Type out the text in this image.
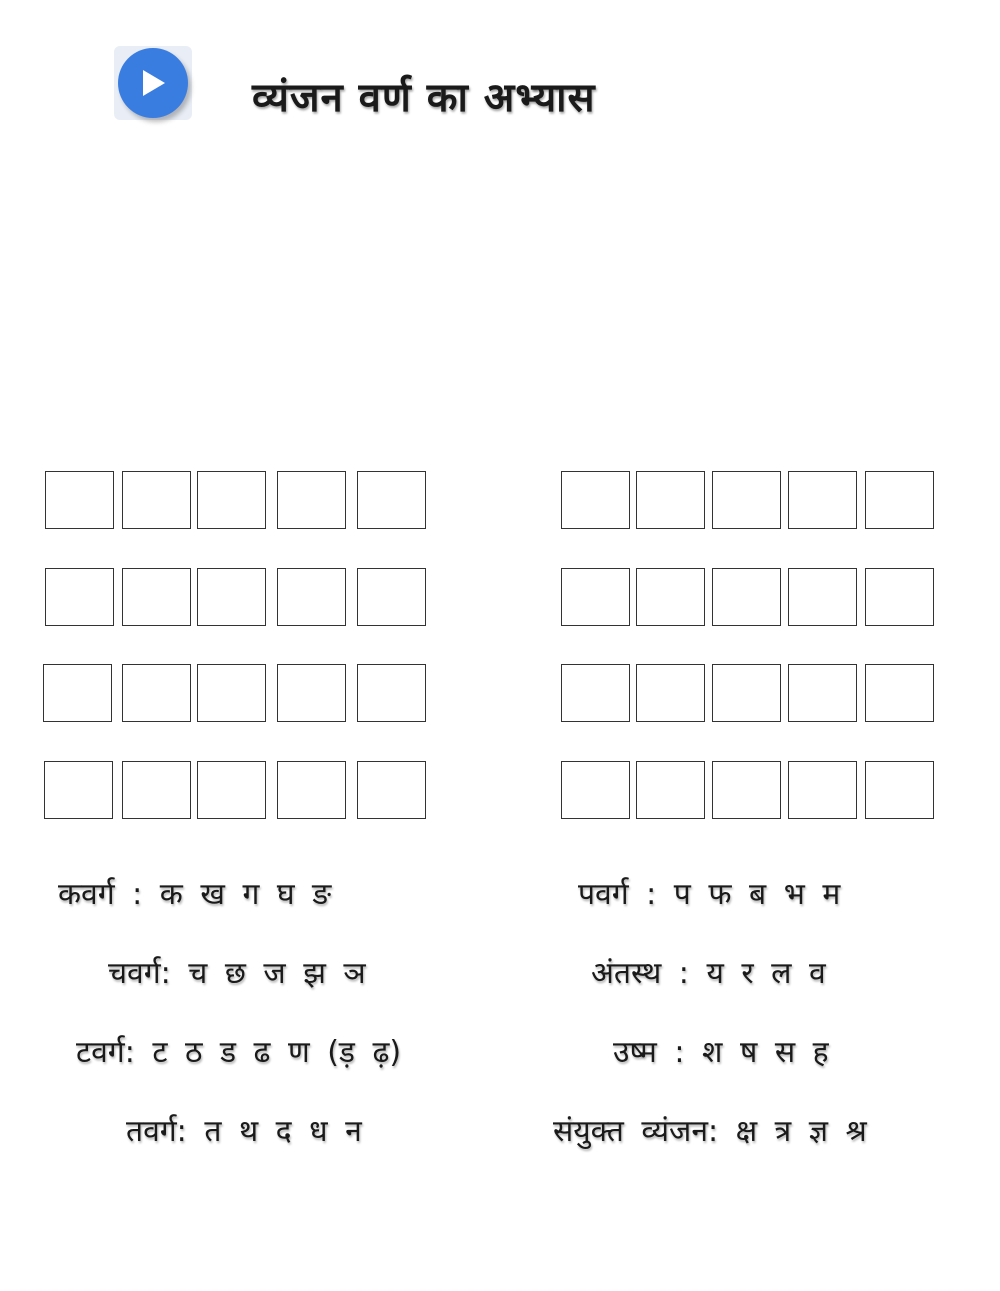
व्यंजन वर्ण का अभ्यास
कवर्ग : क ख ग घ ङ
चवर्ग: च छ ज झ ञ
टवर्ग: ट ठ ड ढ ण (ड़ ढ़)
तवर्ग: त थ द ध न
पवर्ग : प फ ब भ म
अंतस्थ : य र ल व
उष्म : श ष स ह
संयुक्त व्यंजन: क्ष त्र ज्ञ श्र
